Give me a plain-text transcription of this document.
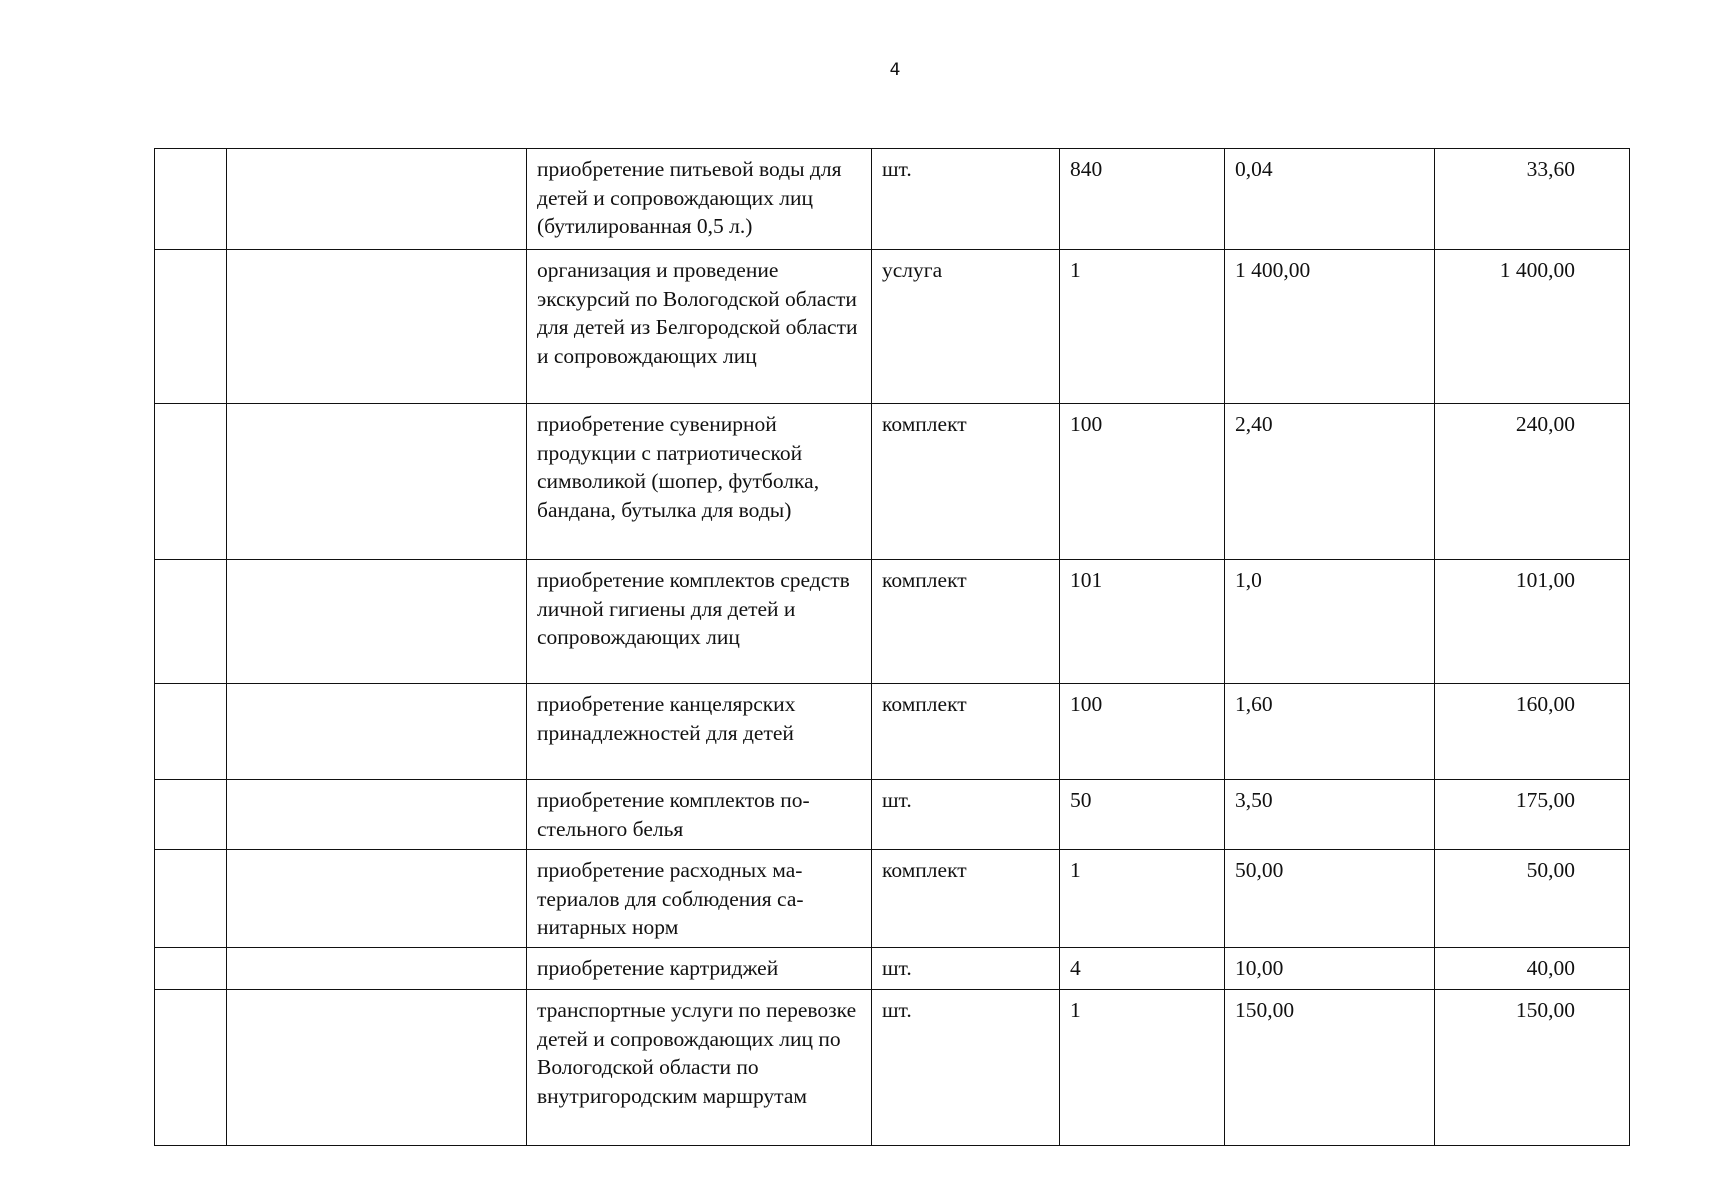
4
		приобретение питьевой воды для детей и сопровождающих лиц (бутилированная 0,5 л.)	шт.	840	0,04	33,60
		организация и проведение экскурсий по Вологодской области для детей из Белгородской области и сопровождающих лиц	услуга	1	1 400,00	1 400,00
		приобретение сувенирной продукции с патриотической символикой (шопер, футболка, бандана, бутылка для воды)	комплект	100	2,40	240,00
		приобретение комплектов средств личной гигиены для детей и сопровождающих лиц	комплект	101	1,0	101,00
		приобретение канцелярских принадлежностей для детей	комплект	100	1,60	160,00
		приобретение комплектов постельного белья	шт.	50	3,50	175,00
		приобретение расходных материалов для соблюдения санитарных норм	комплект	1	50,00	50,00
		приобретение картриджей	шт.	4	10,00	40,00
		транспортные услуги по перевозке детей и сопровождающих лиц по Вологодской области по внутригородским маршрутам	шт.	1	150,00	150,00
